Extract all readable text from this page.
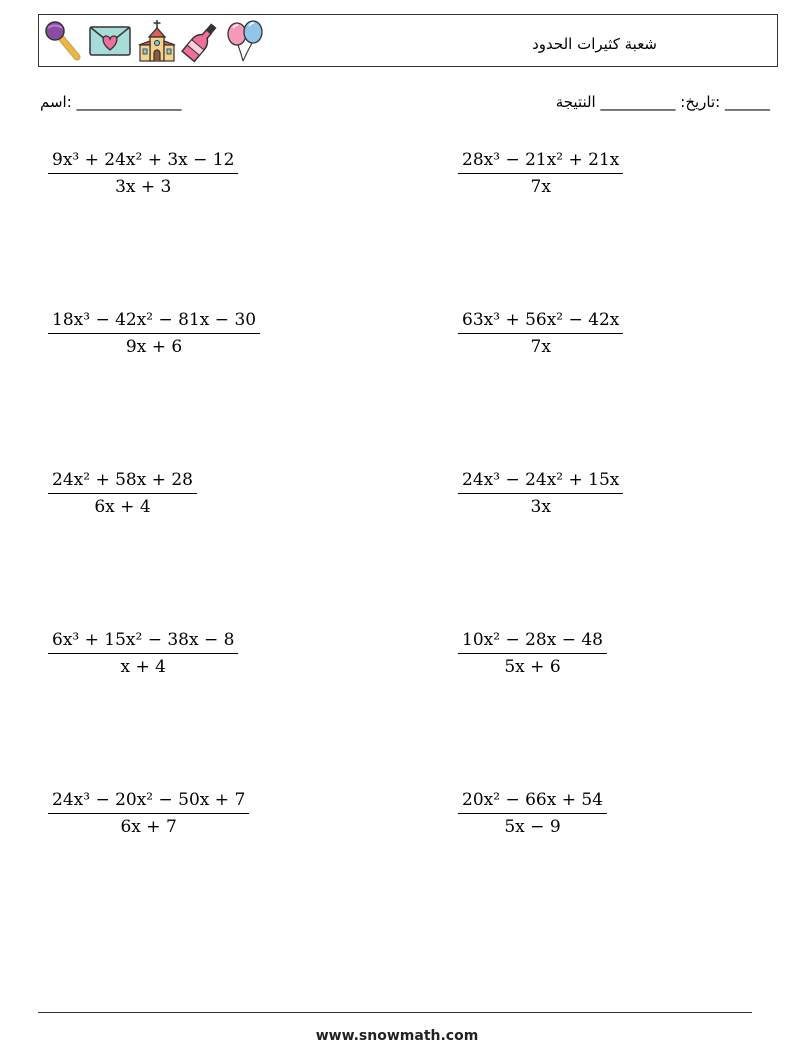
شعبة كثيرات الحدود
______ :تاريخ: __________ النتيجة
______________ :اسم
$\frac{\text{9x³ + 24x² + 3x − 12}}{3x + 3}$	$\frac{\text{28x³ − 21x² + 21x}}{7x}$
$\frac{\text{18x³ − 42x² − 81x − 30}}{9x + 6}$	$\frac{\text{63x³ + 56x² − 42x}}{7x}$
$\frac{\text{24x² + 58x + 28}}{6x + 4}$	$\frac{\text{24x³ − 24x² + 15x}}{3x}$
$\frac{\text{6x³ + 15x² − 38x − 8}}{x + 4}$	$\frac{\text{10x² − 28x − 48}}{5x + 6}$
$\frac{\text{24x³ − 20x² − 50x + 7}}{6x + 7}$	$\frac{\text{20x² − 66x + 54}}{5x - 9}$
www.snowmath.com
